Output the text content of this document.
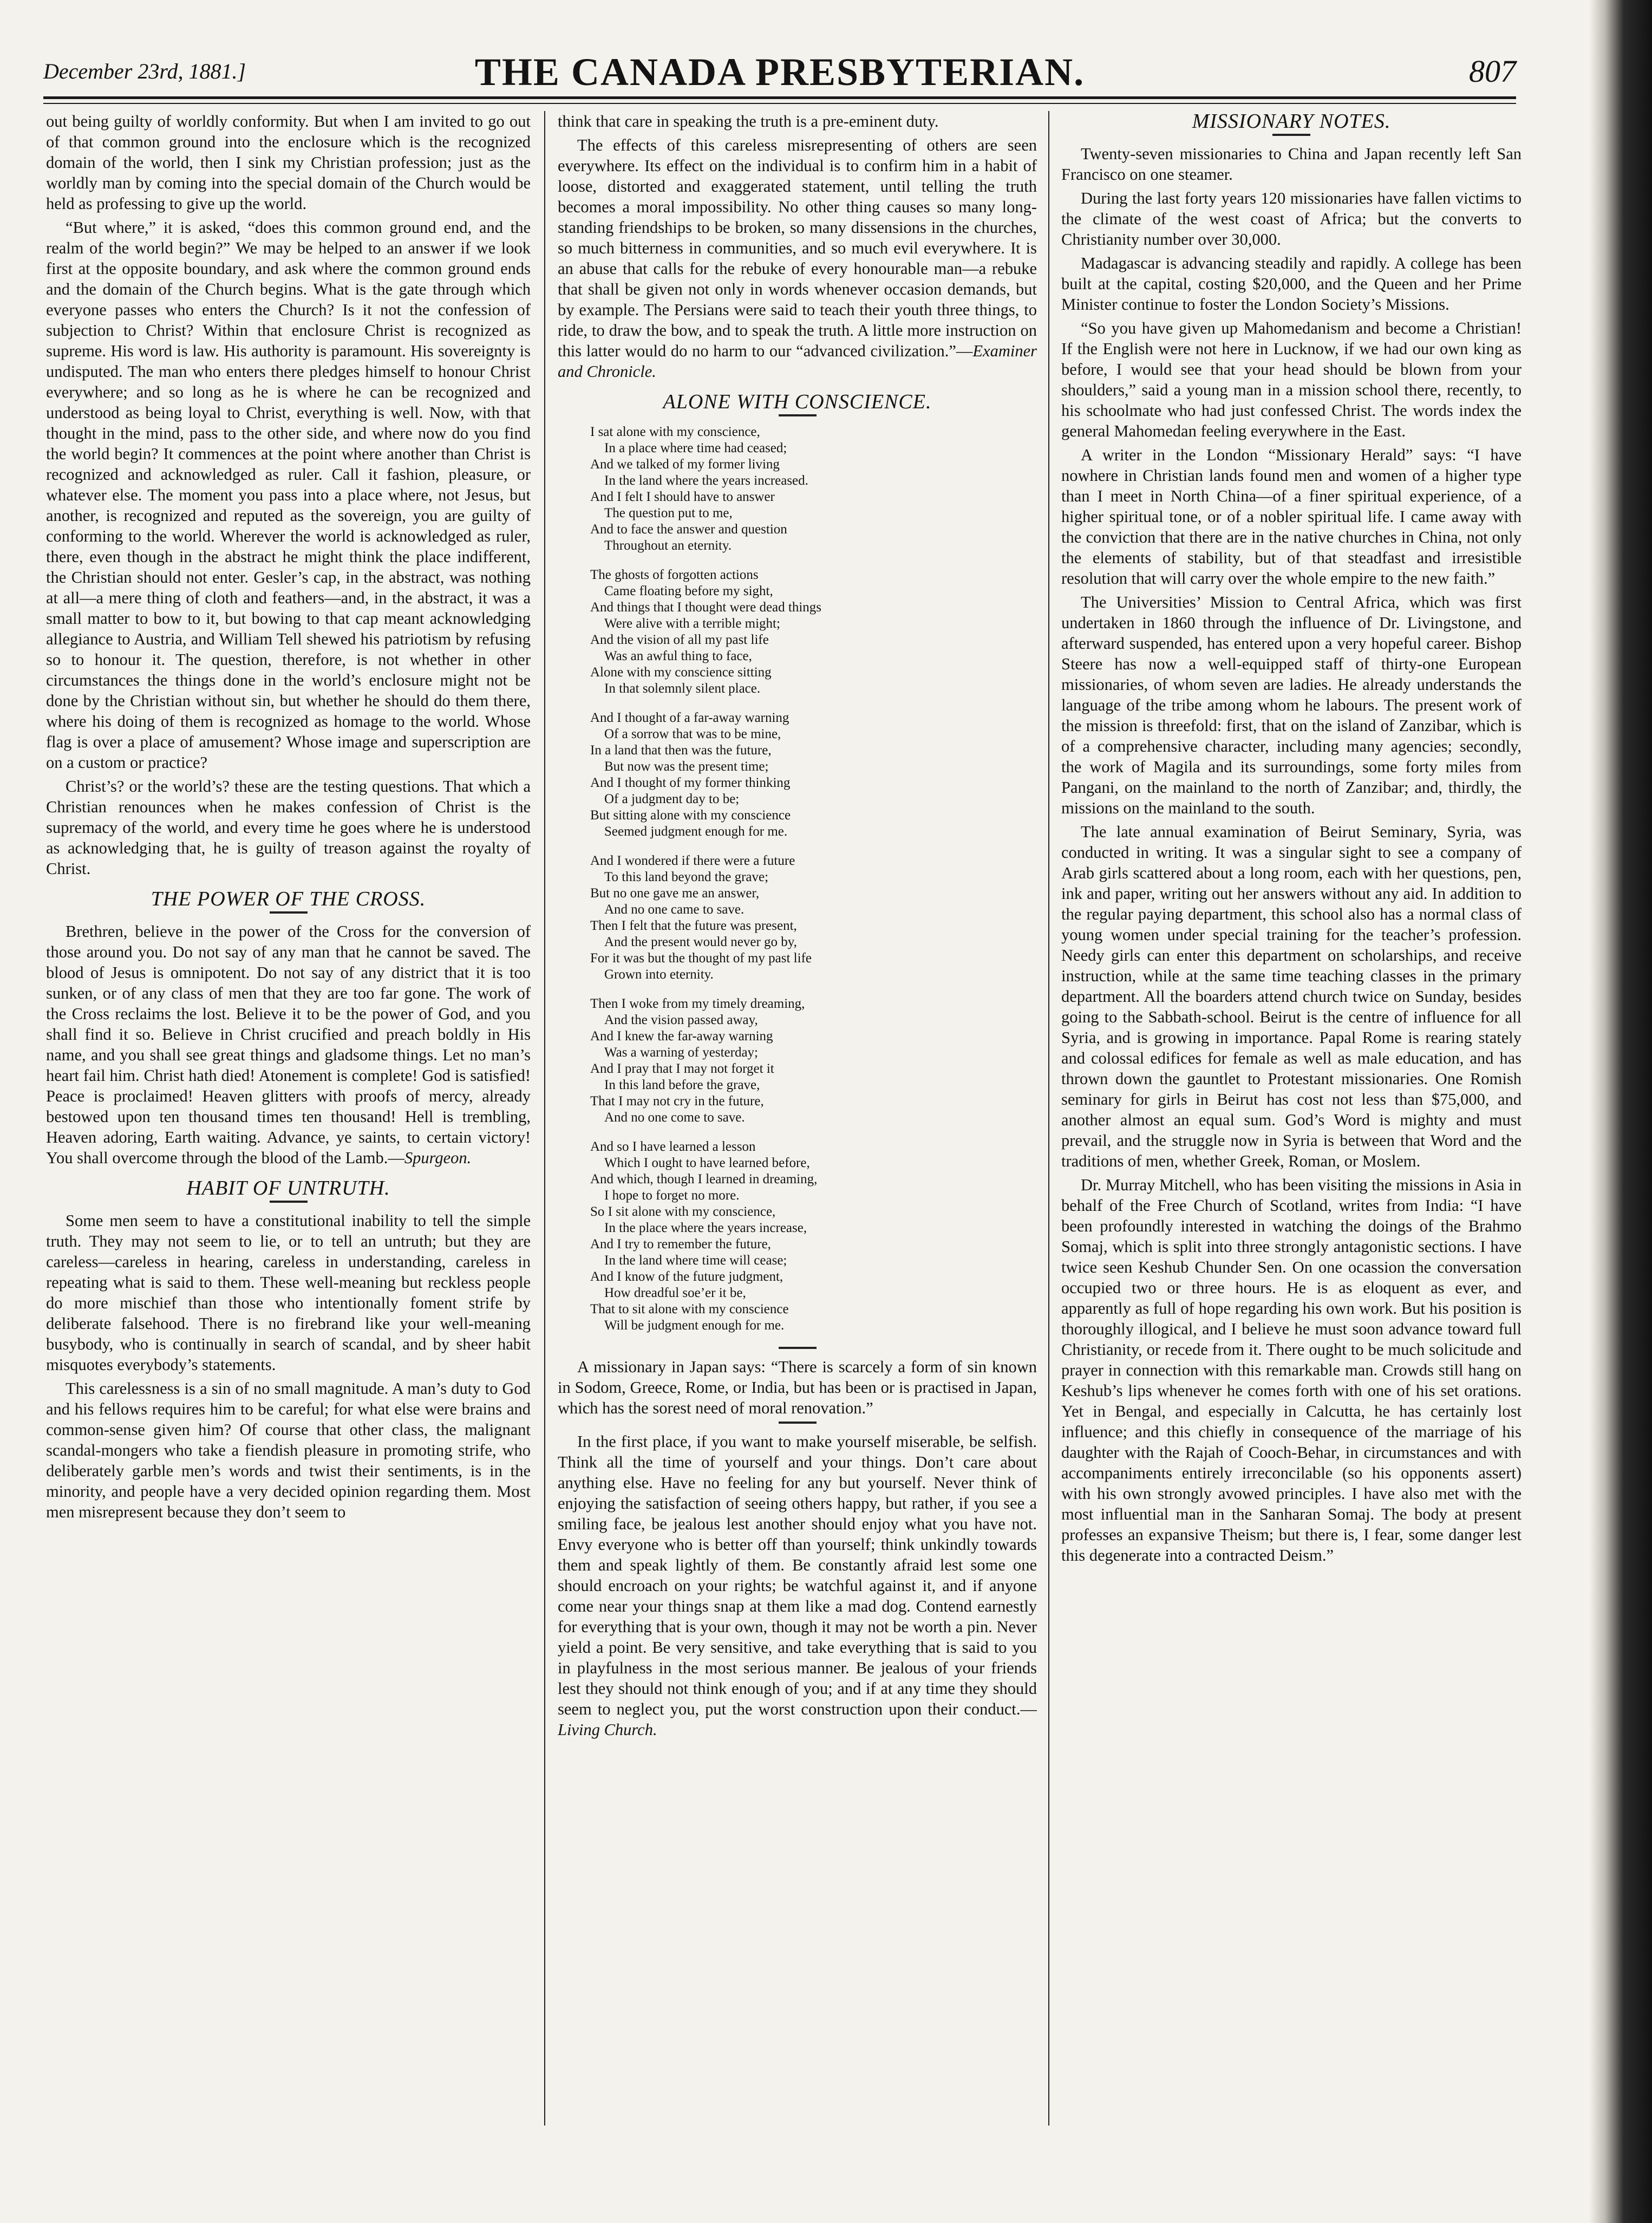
December 23rd, 1881.]	THE CANADA PRESBYTERIAN.	807

out being guilty of worldly conformity. But when I am invited to go out of that common ground into the enclosure which is the recognized domain of the world, then I sink my Christian profession; just as the worldly man by coming into the special domain of the Church would be held as professing to give up the world.

“But where,” it is asked, “does this common ground end, and the realm of the world begin?” We may be helped to an answer if we look first at the opposite boundary, and ask where the common ground ends and the domain of the Church begins. What is the gate through which everyone passes who enters the Church? Is it not the confession of subjection to Christ? Within that enclosure Christ is recognized as supreme. His word is law. His authority is paramount. His sovereignty is undisputed. The man who enters there pledges himself to honour Christ everywhere; and so long as he is where he can be recognized and understood as being loyal to Christ, everything is well. Now, with that thought in the mind, pass to the other side, and where now do you find the world begin? It commences at the point where another than Christ is recognized and acknowledged as ruler. Call it fashion, pleasure, or whatever else. The moment you pass into a place where, not Jesus, but another, is recognized and reputed as the sovereign, you are guilty of conforming to the world. Wherever the world is acknowledged as ruler, there, even though in the abstract he might think the place indifferent, the Christian should not enter. Gesler’s cap, in the abstract, was nothing at all—a mere thing of cloth and feathers—and, in the abstract, it was a small matter to bow to it, but bowing to that cap meant acknowledging allegiance to Austria, and William Tell shewed his patriotism by refusing so to honour it. The question, therefore, is not whether in other circumstances the things done in the world’s enclosure might not be done by the Christian without sin, but whether he should do them there, where his doing of them is recognized as homage to the world. Whose flag is over a place of amusement? Whose image and superscription are on a custom or practice?

Christ’s? or the world’s? these are the testing questions. That which a Christian renounces when he makes confession of Christ is the supremacy of the world, and every time he goes where he is understood as acknowledging that, he is guilty of treason against the royalty of Christ.

THE POWER OF THE CROSS.

Brethren, believe in the power of the Cross for the conversion of those around you. Do not say of any man that he cannot be saved. The blood of Jesus is omnipotent. Do not say of any district that it is too sunken, or of any class of men that they are too far gone. The work of the Cross reclaims the lost. Believe it to be the power of God, and you shall find it so. Believe in Christ crucified and preach boldly in His name, and you shall see great things and gladsome things. Let no man’s heart fail him. Christ hath died! Atonement is complete! God is satisfied! Peace is proclaimed! Heaven glitters with proofs of mercy, already bestowed upon ten thousand times ten thousand! Hell is trembling, Heaven adoring, Earth waiting. Advance, ye saints, to certain victory! You shall overcome through the blood of the Lamb.—Spurgeon.

HABIT OF UNTRUTH.

Some men seem to have a constitutional inability to tell the simple truth. They may not seem to lie, or to tell an untruth; but they are careless—careless in hearing, careless in understanding, careless in repeating what is said to them. These well-meaning but reckless people do more mischief than those who intentionally foment strife by deliberate falsehood. There is no firebrand like your well-meaning busybody, who is continually in search of scandal, and by sheer habit misquotes everybody’s statements.

This carelessness is a sin of no small magnitude. A man’s duty to God and his fellows requires him to be careful; for what else were brains and common-sense given him? Of course that other class, the malignant scandal-mongers who take a fiendish pleasure in promoting strife, who deliberately garble men’s words and twist their sentiments, is in the minority, and people have a very decided opinion regarding them. Most men misrepresent because they don’t seem to

think that care in speaking the truth is a pre-eminent duty.

The effects of this careless misrepresenting of others are seen everywhere. Its effect on the individual is to confirm him in a habit of loose, distorted and exaggerated statement, until telling the truth becomes a moral impossibility. No other thing causes so many long-standing friendships to be broken, so many dissensions in the churches, so much bitterness in communities, and so much evil everywhere. It is an abuse that calls for the rebuke of every honourable man—a rebuke that shall be given not only in words whenever occasion demands, but by example. The Persians were said to teach their youth three things, to ride, to draw the bow, and to speak the truth. A little more instruction on this latter would do no harm to our “advanced civilization.”—Examiner and Chronicle.

ALONE WITH CONSCIENCE.
I sat alone with my conscience,
In a place where time had ceased;
And we talked of my former living
In the land where the years increased.
And I felt I should have to answer
The question put to me,
And to face the answer and question
Throughout an eternity.
The ghosts of forgotten actions
Came floating before my sight,
And things that I thought were dead things
Were alive with a terrible might;
And the vision of all my past life
Was an awful thing to face,
Alone with my conscience sitting
In that solemnly silent place.
And I thought of a far-away warning
Of a sorrow that was to be mine,
In a land that then was the future,
But now was the present time;
And I thought of my former thinking
Of a judgment day to be;
But sitting alone with my conscience
Seemed judgment enough for me.
And I wondered if there were a future
To this land beyond the grave;
But no one gave me an answer,
And no one came to save.
Then I felt that the future was present,
And the present would never go by,
For it was but the thought of my past life
Grown into eternity.
Then I woke from my timely dreaming,
And the vision passed away,
And I knew the far-away warning
Was a warning of yesterday;
And I pray that I may not forget it
In this land before the grave,
That I may not cry in the future,
And no one come to save.
And so I have learned a lesson
Which I ought to have learned before,
And which, though I learned in dreaming,
I hope to forget no more.
So I sit alone with my conscience,
In the place where the years increase,
And I try to remember the future,
In the land where time will cease;
And I know of the future judgment,
How dreadful soe’er it be,
That to sit alone with my conscience
Will be judgment enough for me.

A missionary in Japan says: “There is scarcely a form of sin known in Sodom, Greece, Rome, or India, but has been or is practised in Japan, which has the sorest need of moral renovation.”

In the first place, if you want to make yourself miserable, be selfish. Think all the time of yourself and your things. Don’t care about anything else. Have no feeling for any but yourself. Never think of enjoying the satisfaction of seeing others happy, but rather, if you see a smiling face, be jealous lest another should enjoy what you have not. Envy everyone who is better off than yourself; think unkindly towards them and speak lightly of them. Be constantly afraid lest some one should encroach on your rights; be watchful against it, and if anyone come near your things snap at them like a mad dog. Contend earnestly for everything that is your own, though it may not be worth a pin. Never yield a point. Be very sensitive, and take everything that is said to you in playfulness in the most serious manner. Be jealous of your friends lest they should not think enough of you; and if at any time they should seem to neglect you, put the worst construction upon their conduct.—Living Church.

MISSIONARY NOTES.

Twenty-seven missionaries to China and Japan recently left San Francisco on one steamer.

During the last forty years 120 missionaries have fallen victims to the climate of the west coast of Africa; but the converts to Christianity number over 30,000.

Madagascar is advancing steadily and rapidly. A college has been built at the capital, costing $20,000, and the Queen and her Prime Minister continue to foster the London Society’s Missions.

“So you have given up Mahomedanism and become a Christian! If the English were not here in Lucknow, if we had our own king as before, I would see that your head should be blown from your shoulders,” said a young man in a mission school there, recently, to his schoolmate who had just confessed Christ. The words index the general Mahomedan feeling everywhere in the East.

A writer in the London “Missionary Herald” says: “I have nowhere in Christian lands found men and women of a higher type than I meet in North China—of a finer spiritual experience, of a higher spiritual tone, or of a nobler spiritual life. I came away with the conviction that there are in the native churches in China, not only the elements of stability, but of that steadfast and irresistible resolution that will carry over the whole empire to the new faith.”

The Universities’ Mission to Central Africa, which was first undertaken in 1860 through the influence of Dr. Livingstone, and afterward suspended, has entered upon a very hopeful career. Bishop Steere has now a well-equipped staff of thirty-one European missionaries, of whom seven are ladies. He already understands the language of the tribe among whom he labours. The present work of the mission is threefold: first, that on the island of Zanzibar, which is of a comprehensive character, including many agencies; secondly, the work of Magila and its surroundings, some forty miles from Pangani, on the mainland to the north of Zanzibar; and, thirdly, the missions on the mainland to the south.

The late annual examination of Beirut Seminary, Syria, was conducted in writing. It was a singular sight to see a company of Arab girls scattered about a long room, each with her questions, pen, ink and paper, writing out her answers without any aid. In addition to the regular paying department, this school also has a normal class of young women under special training for the teacher’s profession. Needy girls can enter this department on scholarships, and receive instruction, while at the same time teaching classes in the primary department. All the boarders attend church twice on Sunday, besides going to the Sabbath-school. Beirut is the centre of influence for all Syria, and is growing in importance. Papal Rome is rearing stately and colossal edifices for female as well as male education, and has thrown down the gauntlet to Protestant missionaries. One Romish seminary for girls in Beirut has cost not less than $75,000, and another almost an equal sum. God’s Word is mighty and must prevail, and the struggle now in Syria is between that Word and the traditions of men, whether Greek, Roman, or Moslem.

Dr. Murray Mitchell, who has been visiting the missions in Asia in behalf of the Free Church of Scotland, writes from India: “I have been profoundly interested in watching the doings of the Brahmo Somaj, which is split into three strongly antagonistic sections. I have twice seen Keshub Chunder Sen. On one ocassion the conversation occupied two or three hours. He is as eloquent as ever, and apparently as full of hope regarding his own work. But his position is thoroughly illogical, and I believe he must soon advance toward full Christianity, or recede from it. There ought to be much solicitude and prayer in connection with this remarkable man. Crowds still hang on Keshub’s lips whenever he comes forth with one of his set orations. Yet in Bengal, and especially in Calcutta, he has certainly lost influence; and this chiefly in consequence of the marriage of his daughter with the Rajah of Cooch-Behar, in circumstances and with accompaniments entirely irreconcilable (so his opponents assert) with his own strongly avowed principles. I have also met with the most influential man in the Sanharan Somaj. The body at present professes an expansive Theism; but there is, I fear, some danger lest this degenerate into a contracted Deism.”
